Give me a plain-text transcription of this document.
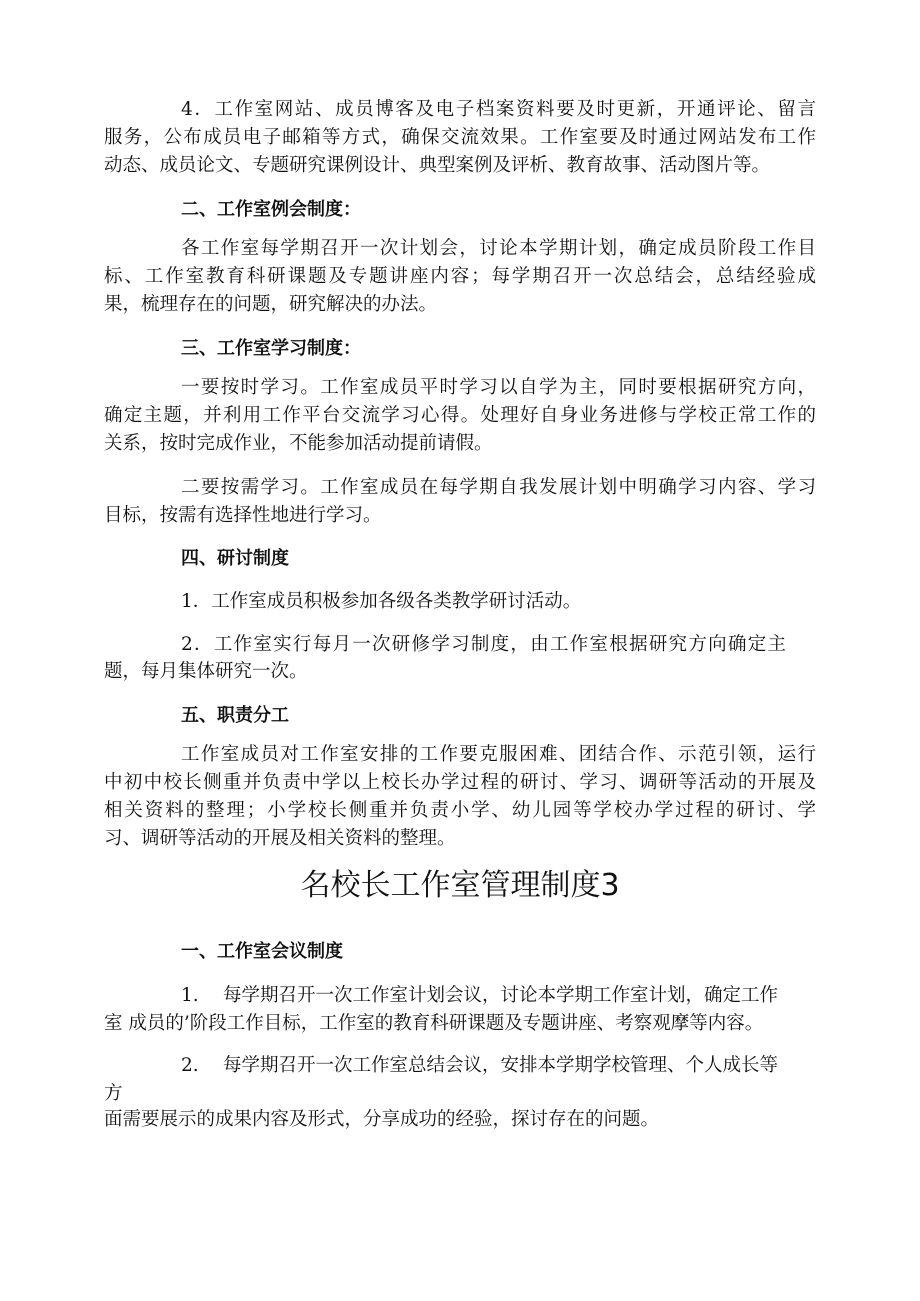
4．工作室网站、成员博客及电子档案资料要及时更新，开通评论、留言
服务，公布成员电子邮箱等方式，确保交流效果。工作室要及时通过网站发布工作
动态、成员论文、专题研究课例设计、典型案例及评析、教育故事、活动图片等。
二、工作室例会制度：
各工作室每学期召开一次计划会，讨论本学期计划，确定成员阶段工作目
标、工作室教育科研课题及专题讲座内容；每学期召开一次总结会，总结经验成
果，梳理存在的问题，研究解决的办法。
三、工作室学习制度：
一要按时学习。工作室成员平时学习以自学为主，同时要根据研究方向，
确定主题，并利用工作平台交流学习心得。处理好自身业务进修与学校正常工作的
关系，按时完成作业，不能参加活动提前请假。
二要按需学习。工作室成员在每学期自我发展计划中明确学习内容、学习
目标，按需有选择性地进行学习。
四、研讨制度
1．工作室成员积极参加各级各类教学研讨活动。
2．工作室实行每月一次研修学习制度，由工作室根据研究方向确定主
题，每月集体研究一次。
五、职责分工
工作室成员对工作室安排的工作要克服困难、团结合作、示范引领，运行
中初中校长侧重并负责中学以上校长办学过程的研讨、学习、调研等活动的开展及
相关资料的整理；小学校长侧重并负责小学、幼儿园等学校办学过程的研讨、学
习、调研等活动的开展及相关资料的整理。
名校长工作室管理制度3
一、工作室会议制度
1. 每学期召开一次工作室计划会议，讨论本学期工作室计划，确定工作
室 成员的’阶段工作目标，工作室的教育科研课题及专题讲座、考察观摩等内容。
2. 每学期召开一次工作室总结会议，安排本学期学校管理、个人成长等
方
面需要展示的成果内容及形式，分享成功的经验，探讨存在的问题。
